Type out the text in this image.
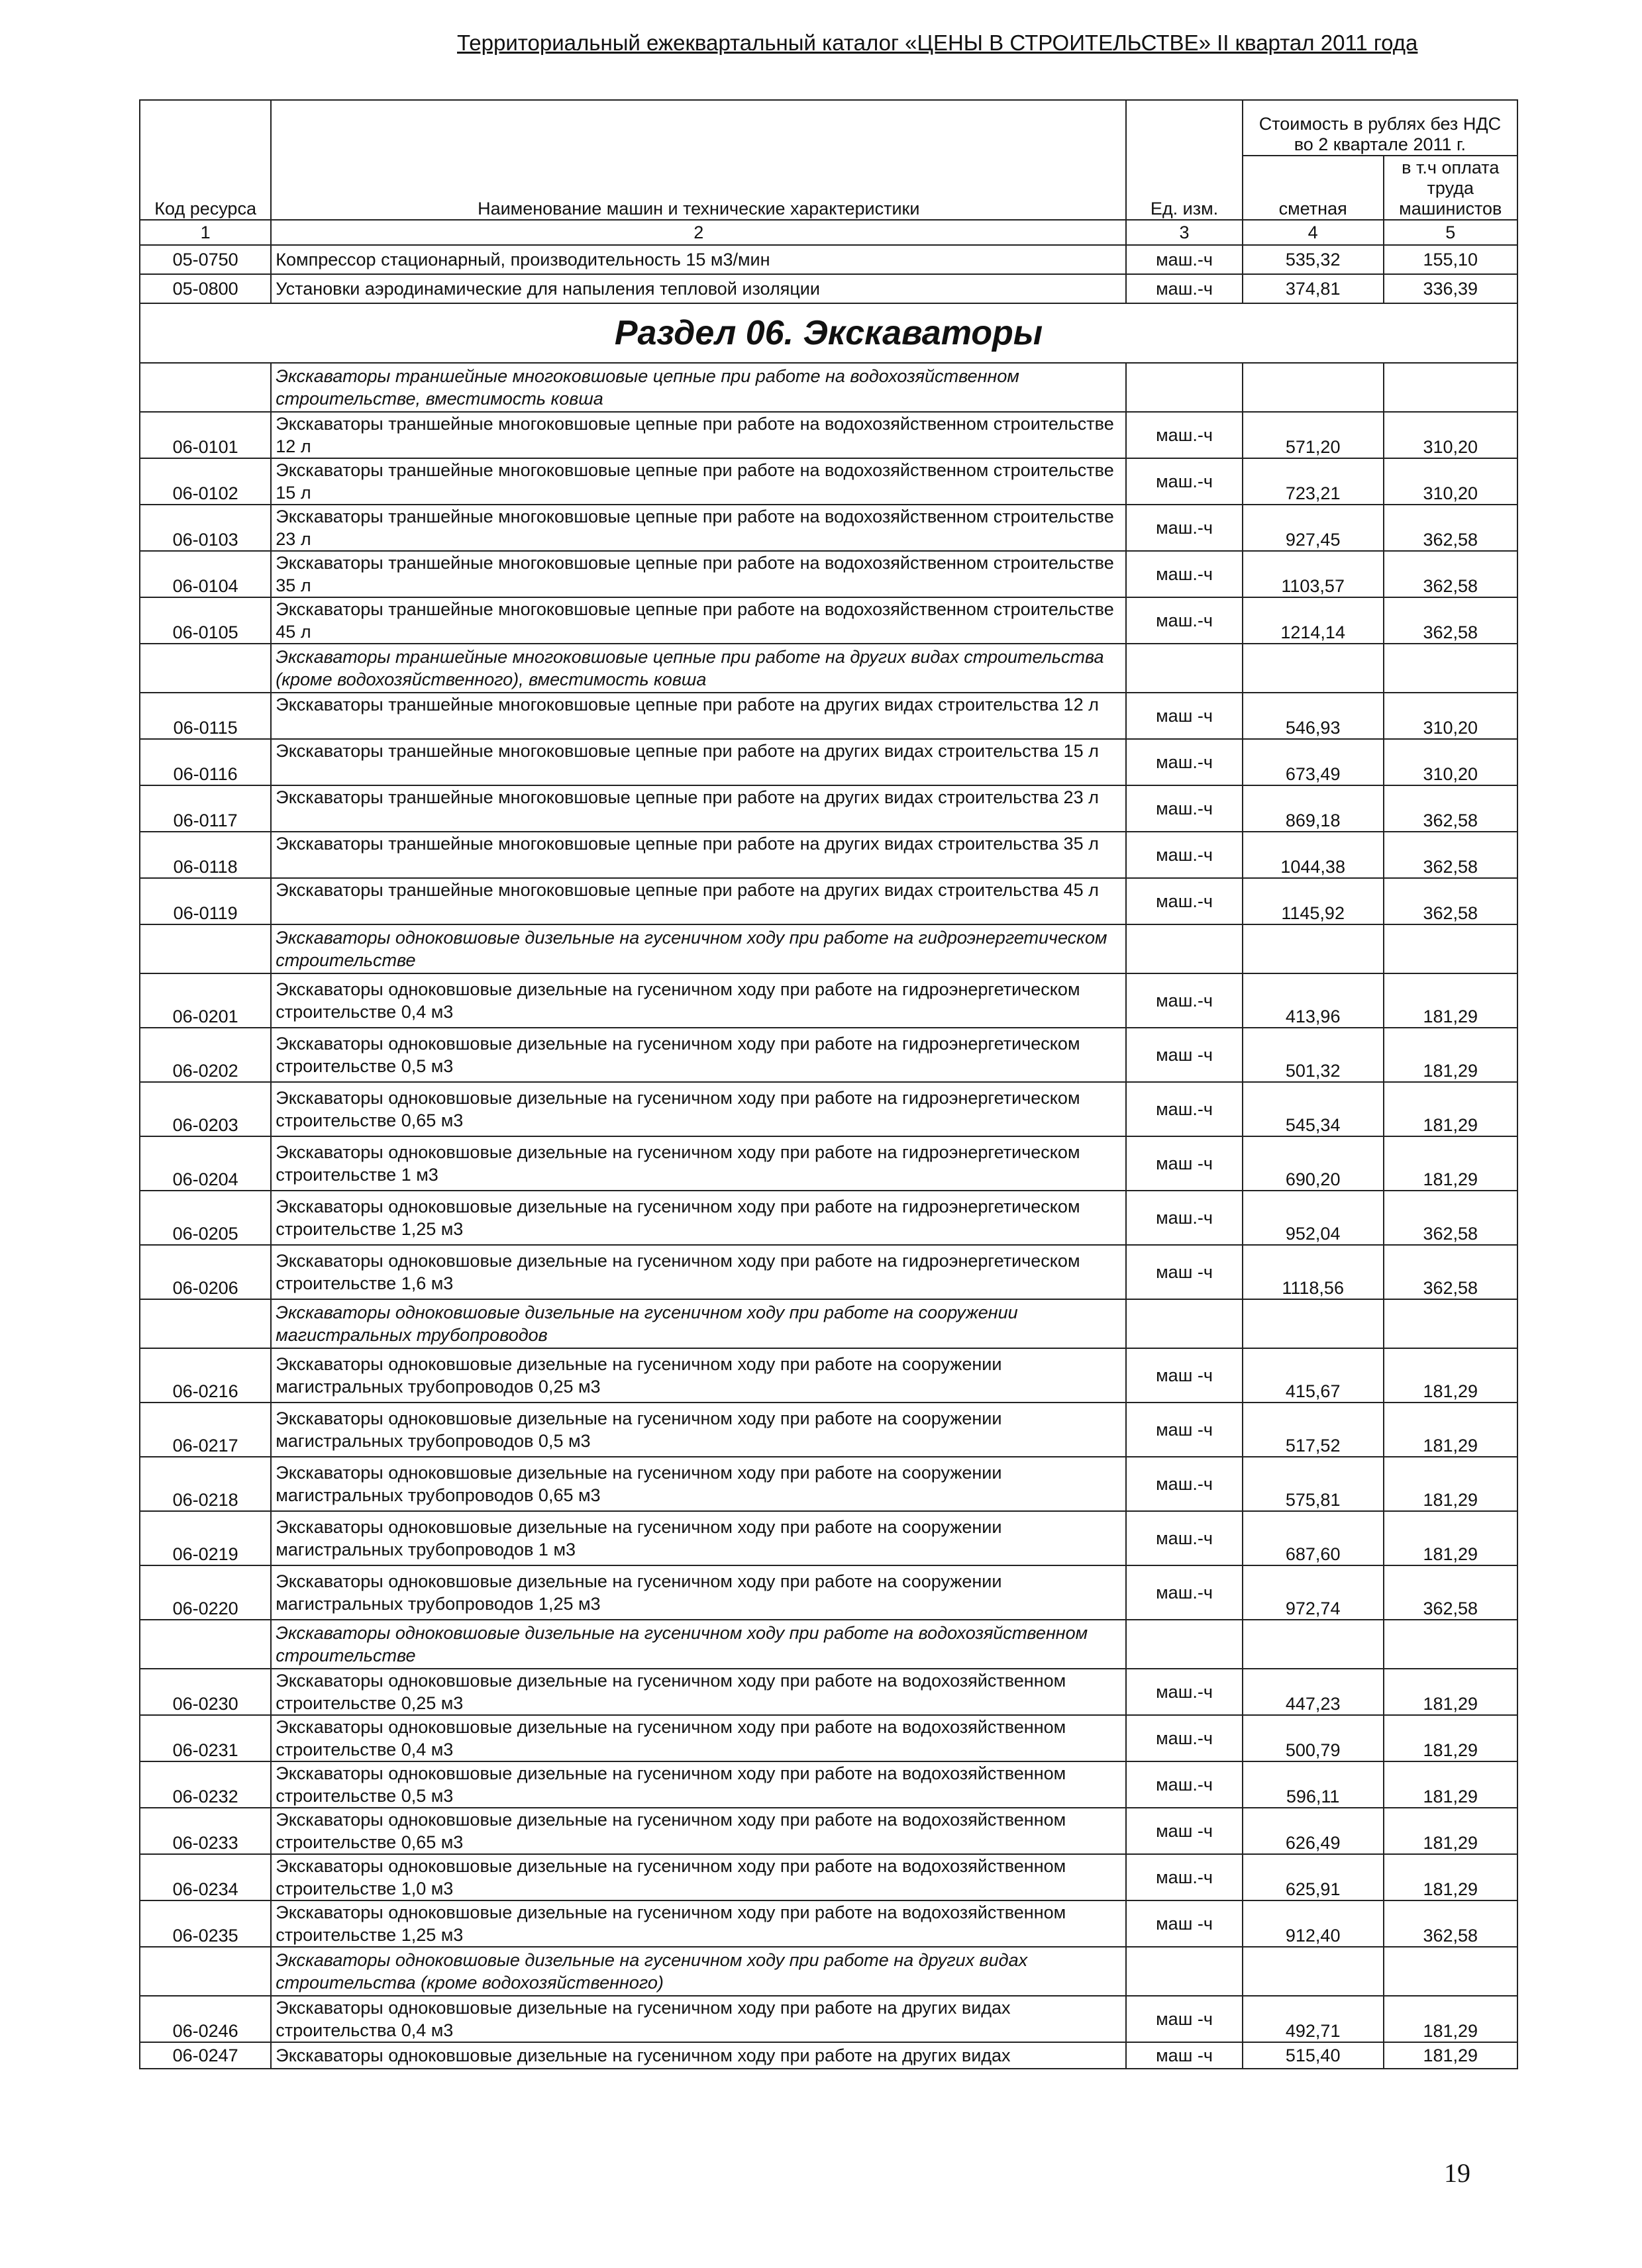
Территориальный ежеквартальный каталог «ЦЕНЫ В СТРОИТЕЛЬСТВЕ» II квартал 2011 года
Код ресурса	Наименование машин и технические характеристики	Ед. изм.	Стоимость в рублях без НДС во 2 квартале 2011 г.	
			сметная	в т.ч оплата труда машинистов
1	2	3	4	5
05-0750	Компрессор стационарный, производительность 15 м3/мин	маш.-ч	535,32	155,10
05-0800	Установки аэродинамические для напыления тепловой изоляции	маш.-ч	374,81	336,39
Раздел 06. Экскаваторы				
	Экскаваторы траншейные многоковшовые цепные при работе на водохозяйственном строительстве, вместимость ковша			
06-0101	Экскаваторы траншейные многоковшовые цепные при работе на водохозяйственном строительстве 12 л	маш.-ч	571,20	310,20
06-0102	Экскаваторы траншейные многоковшовые цепные при работе на водохозяйственном строительстве 15 л	маш.-ч	723,21	310,20
06-0103	Экскаваторы траншейные многоковшовые цепные при работе на водохозяйственном строительстве 23 л	маш.-ч	927,45	362,58
06-0104	Экскаваторы траншейные многоковшовые цепные при работе на водохозяйственном строительстве 35 л	маш.-ч	1103,57	362,58
06-0105	Экскаваторы траншейные многоковшовые цепные при работе на водохозяйственном строительстве 45 л	маш.-ч	1214,14	362,58
	Экскаваторы траншейные многоковшовые цепные при работе на других видах строительства (кроме водохозяйственного), вместимость ковша			
06-0115	Экскаваторы траншейные многоковшовые цепные при работе на других видах строительства 12 л	маш -ч	546,93	310,20
06-0116	Экскаваторы траншейные многоковшовые цепные при работе на других видах строительства 15 л	маш.-ч	673,49	310,20
06-0117	Экскаваторы траншейные многоковшовые цепные при работе на других видах строительства 23 л	маш.-ч	869,18	362,58
06-0118	Экскаваторы траншейные многоковшовые цепные при работе на других видах строительства 35 л	маш.-ч	1044,38	362,58
06-0119	Экскаваторы траншейные многоковшовые цепные при работе на других видах строительства 45 л	маш.-ч	1145,92	362,58
	Экскаваторы одноковшовые дизельные на гусеничном ходу при работе на гидроэнергетическом строительстве			
06-0201	Экскаваторы одноковшовые дизельные на гусеничном ходу при работе на гидроэнергетическом строительстве 0,4 м3	маш.-ч	413,96	181,29
06-0202	Экскаваторы одноковшовые дизельные на гусеничном ходу при работе на гидроэнергетическом строительстве 0,5 м3	маш -ч	501,32	181,29
06-0203	Экскаваторы одноковшовые дизельные на гусеничном ходу при работе на гидроэнергетическом строительстве 0,65 м3	маш.-ч	545,34	181,29
06-0204	Экскаваторы одноковшовые дизельные на гусеничном ходу при работе на гидроэнергетическом строительстве 1 м3	маш -ч	690,20	181,29
06-0205	Экскаваторы одноковшовые дизельные на гусеничном ходу при работе на гидроэнергетическом строительстве 1,25 м3	маш.-ч	952,04	362,58
06-0206	Экскаваторы одноковшовые дизельные на гусеничном ходу при работе на гидроэнергетическом строительстве 1,6 м3	маш -ч	1118,56	362,58
	Экскаваторы одноковшовые дизельные на гусеничном ходу при работе на сооружении магистральных трубопроводов			
06-0216	Экскаваторы одноковшовые дизельные на гусеничном ходу при работе на сооружении магистральных трубопроводов 0,25 м3	маш -ч	415,67	181,29
06-0217	Экскаваторы одноковшовые дизельные на гусеничном ходу при работе на сооружении магистральных трубопроводов 0,5 м3	маш -ч	517,52	181,29
06-0218	Экскаваторы одноковшовые дизельные на гусеничном ходу при работе на сооружении магистральных трубопроводов 0,65 м3	маш.-ч	575,81	181,29
06-0219	Экскаваторы одноковшовые дизельные на гусеничном ходу при работе на сооружении магистральных трубопроводов 1 м3	маш.-ч	687,60	181,29
06-0220	Экскаваторы одноковшовые дизельные на гусеничном ходу при работе на сооружении магистральных трубопроводов 1,25 м3	маш.-ч	972,74	362,58
	Экскаваторы одноковшовые дизельные на гусеничном ходу при работе на водохозяйственном строительстве			
06-0230	Экскаваторы одноковшовые дизельные на гусеничном ходу при работе на водохозяйственном строительстве 0,25 м3	маш.-ч	447,23	181,29
06-0231	Экскаваторы одноковшовые дизельные на гусеничном ходу при работе на водохозяйственном строительстве 0,4 м3	маш.-ч	500,79	181,29
06-0232	Экскаваторы одноковшовые дизельные на гусеничном ходу при работе на водохозяйственном строительстве 0,5 м3	маш.-ч	596,11	181,29
06-0233	Экскаваторы одноковшовые дизельные на гусеничном ходу при работе на водохозяйственном строительстве 0,65 м3	маш -ч	626,49	181,29
06-0234	Экскаваторы одноковшовые дизельные на гусеничном ходу при работе на водохозяйственном строительстве 1,0 м3	маш.-ч	625,91	181,29
06-0235	Экскаваторы одноковшовые дизельные на гусеничном ходу при работе на водохозяйственном строительстве 1,25 м3	маш -ч	912,40	362,58
	Экскаваторы одноковшовые дизельные на гусеничном ходу при работе на других видах строительства (кроме водохозяйственного)			
06-0246	Экскаваторы одноковшовые дизельные на гусеничном ходу при работе на других видах строительства 0,4 м3	маш -ч	492,71	181,29
06-0247	Экскаваторы одноковшовые дизельные на гусеничном ходу при работе на других видах	маш -ч	515,40	181,29
19
